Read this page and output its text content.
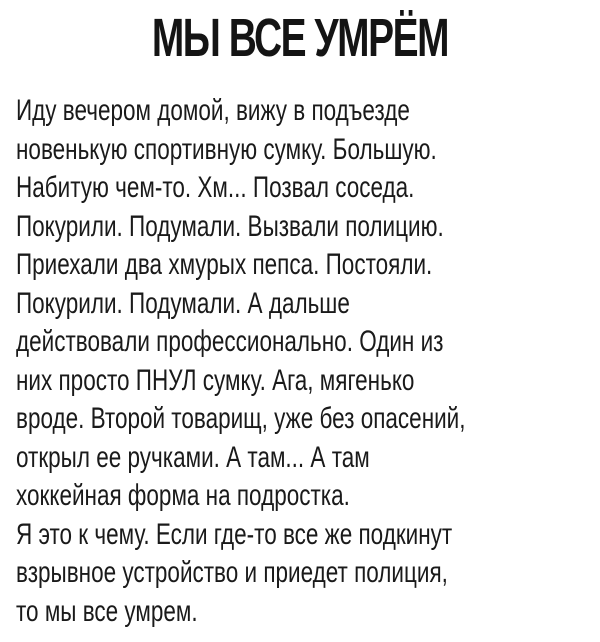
МЫ ВСЕ УМРЁМ
Иду вечером домой, вижу в подъезде
новенькую спортивную сумку. Большую.
Набитую чем-то. Хм... Позвал соседа.
Покурили. Подумали. Вызвали полицию.
Приехали два хмурых пепса. Постояли.
Покурили. Подумали. А дальше
действовали профессионально. Один из
них просто ПНУЛ сумку. Ага, мягенько
вроде. Второй товарищ, уже без опасений,
открыл ее ручками. А там... А там
хоккейная форма на подростка.
Я это к чему. Если где-то все же подкинут
взрывное устройство и приедет полиция,
то мы все умрем.
